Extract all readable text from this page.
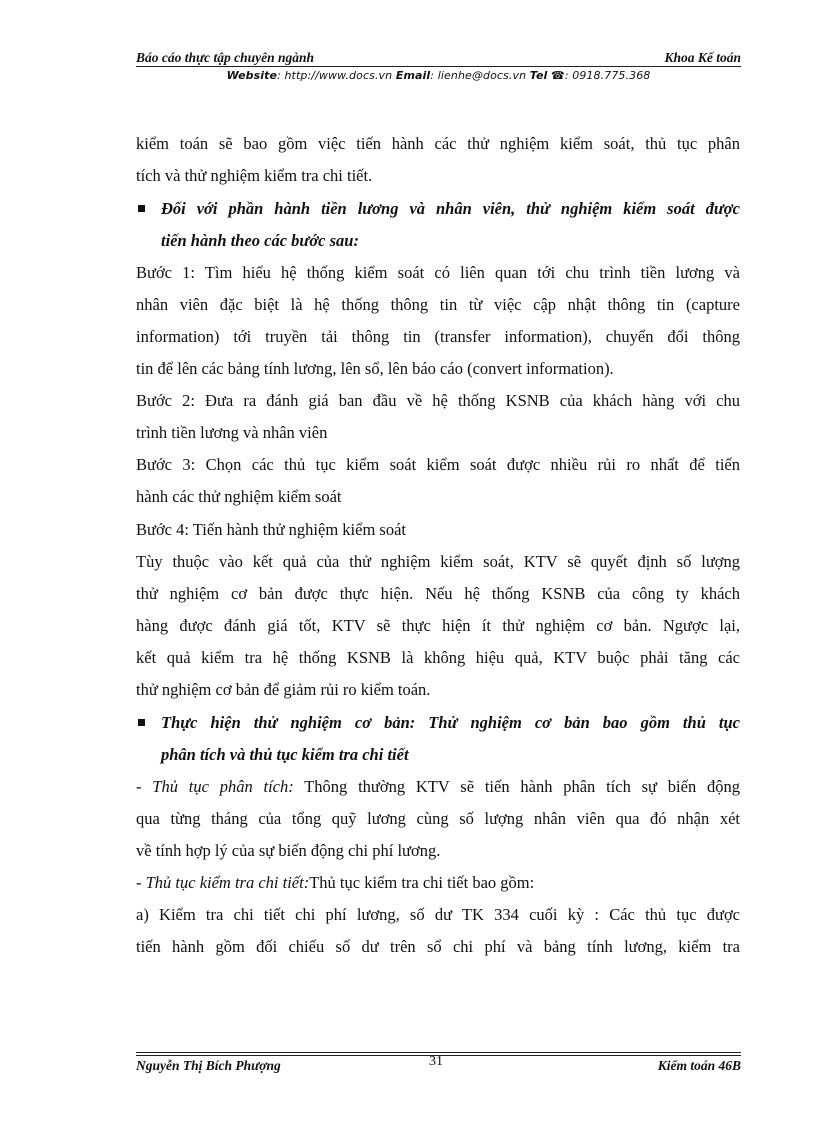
Báo cáo thực tập chuyên ngành	Khoa Kế toán
Website: http://www.docs.vn Email: lienhe@docs.vn Tel ☎: 0918.775.368
kiểm toán sẽ bao gồm việc tiến hành các thử nghiệm kiểm soát, thủ tục phân
tích và thử nghiệm kiểm tra chi tiết.
Đối với phần hành tiền lương và nhân viên, thử nghiệm kiểm soát được
tiến hành theo các bước sau:
Bước 1: Tìm hiểu hệ thống kiểm soát có liên quan tới chu trình tiền lương và
nhân viên đặc biệt là hệ thống thông tin từ việc cập nhật thông tin (capture
information) tới truyền tải thông tin (transfer information), chuyển đổi thông
tin để lên các bảng tính lương, lên sổ, lên báo cáo (convert information).
Bước 2: Đưa ra đánh giá ban đầu về hệ thống KSNB của khách hàng với chu
trình tiền lương và nhân viên
Bước 3: Chọn các thủ tục kiểm soát kiểm soát được nhiều rủi ro nhất để tiến
hành các thử nghiệm kiểm soát
Bước 4: Tiến hành thử nghiệm kiểm soát
Tùy thuộc vào kết quả của thử nghiệm kiểm soát, KTV sẽ quyết định số lượng
thử nghiệm cơ bản được thực hiện. Nếu hệ thống KSNB của công ty khách
hàng được đánh giá tốt, KTV sẽ thực hiện ít thử nghiệm cơ bản. Ngược lại,
kết quả kiểm tra hệ thống KSNB là không hiệu quả, KTV buộc phải tăng các
thử nghiệm cơ bản để giảm rủi ro kiểm toán.
Thực hiện thử nghiệm cơ bản: Thử nghiệm cơ bản bao gồm thủ tục
phân tích và thủ tục kiểm tra chi tiết
- Thủ tục phân tích: Thông thường KTV sẽ tiến hành phân tích sự biến động
qua từng tháng của tổng quỹ lương cùng số lượng nhân viên qua đó nhận xét
về tính hợp lý của sự biến động chi phí lương.
- Thủ tục kiểm tra chi tiết:Thủ tục kiểm tra chi tiết bao gồm:
a) Kiểm tra chi tiết chi phí lương, số dư TK 334 cuối kỳ : Các thủ tục được
tiến hành gồm đối chiếu số dư trên sổ chi phí và bảng tính lương, kiểm tra
Nguyễn Thị Bích Phượng	Kiểm toán 46B
31
